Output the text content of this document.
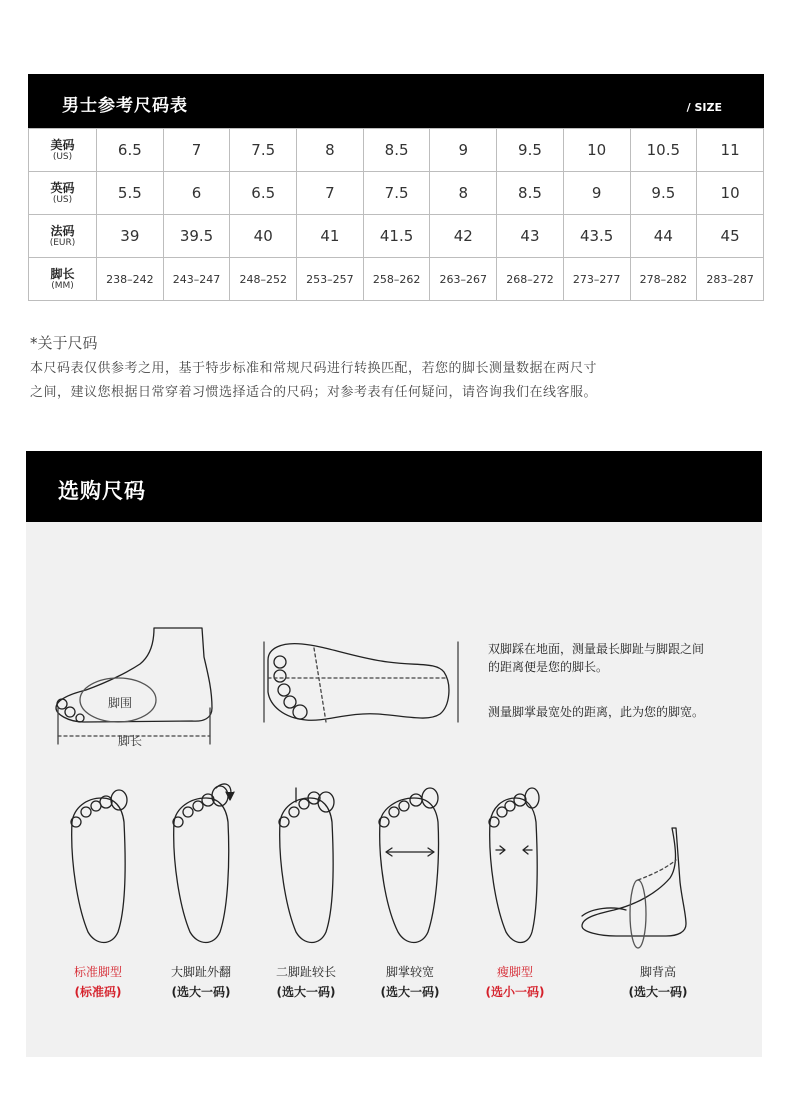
男士参考尺码表	/ SIZE
美码
(US)	6.5	7	7.5	8	8.5	9	9.5	10	10.5	11

英码
(US)	5.5	6	6.5	7	7.5	8	8.5	9	9.5	10

法码
(EUR)	39	39.5	40	41	41.5	42	43	43.5	44	45

脚长
(MM)	238–242	243–247	248–252	253–257	258–262	263–267	268–272	273–277	278–282	283–287
*关于尺码
本尺码表仅供参考之用，基于特步标准和常规尺码进行转换匹配，若您的脚长测量数据在两尺寸
之间，建议您根据日常穿着习惯选择适合的尺码；对参考表有任何疑问，请咨询我们在线客服。
选购尺码
脚围
脚长
双脚踩在地面，测量最长脚趾与脚跟之间
的距离便是您的脚长。
测量脚掌最宽处的距离，此为您的脚宽。
标准脚型
(标准码)
大脚趾外翻
(选大一码)
二脚趾较长
(选大一码)
脚掌较宽
(选大一码)
瘦脚型
(选小一码)
脚背高
(选大一码)
